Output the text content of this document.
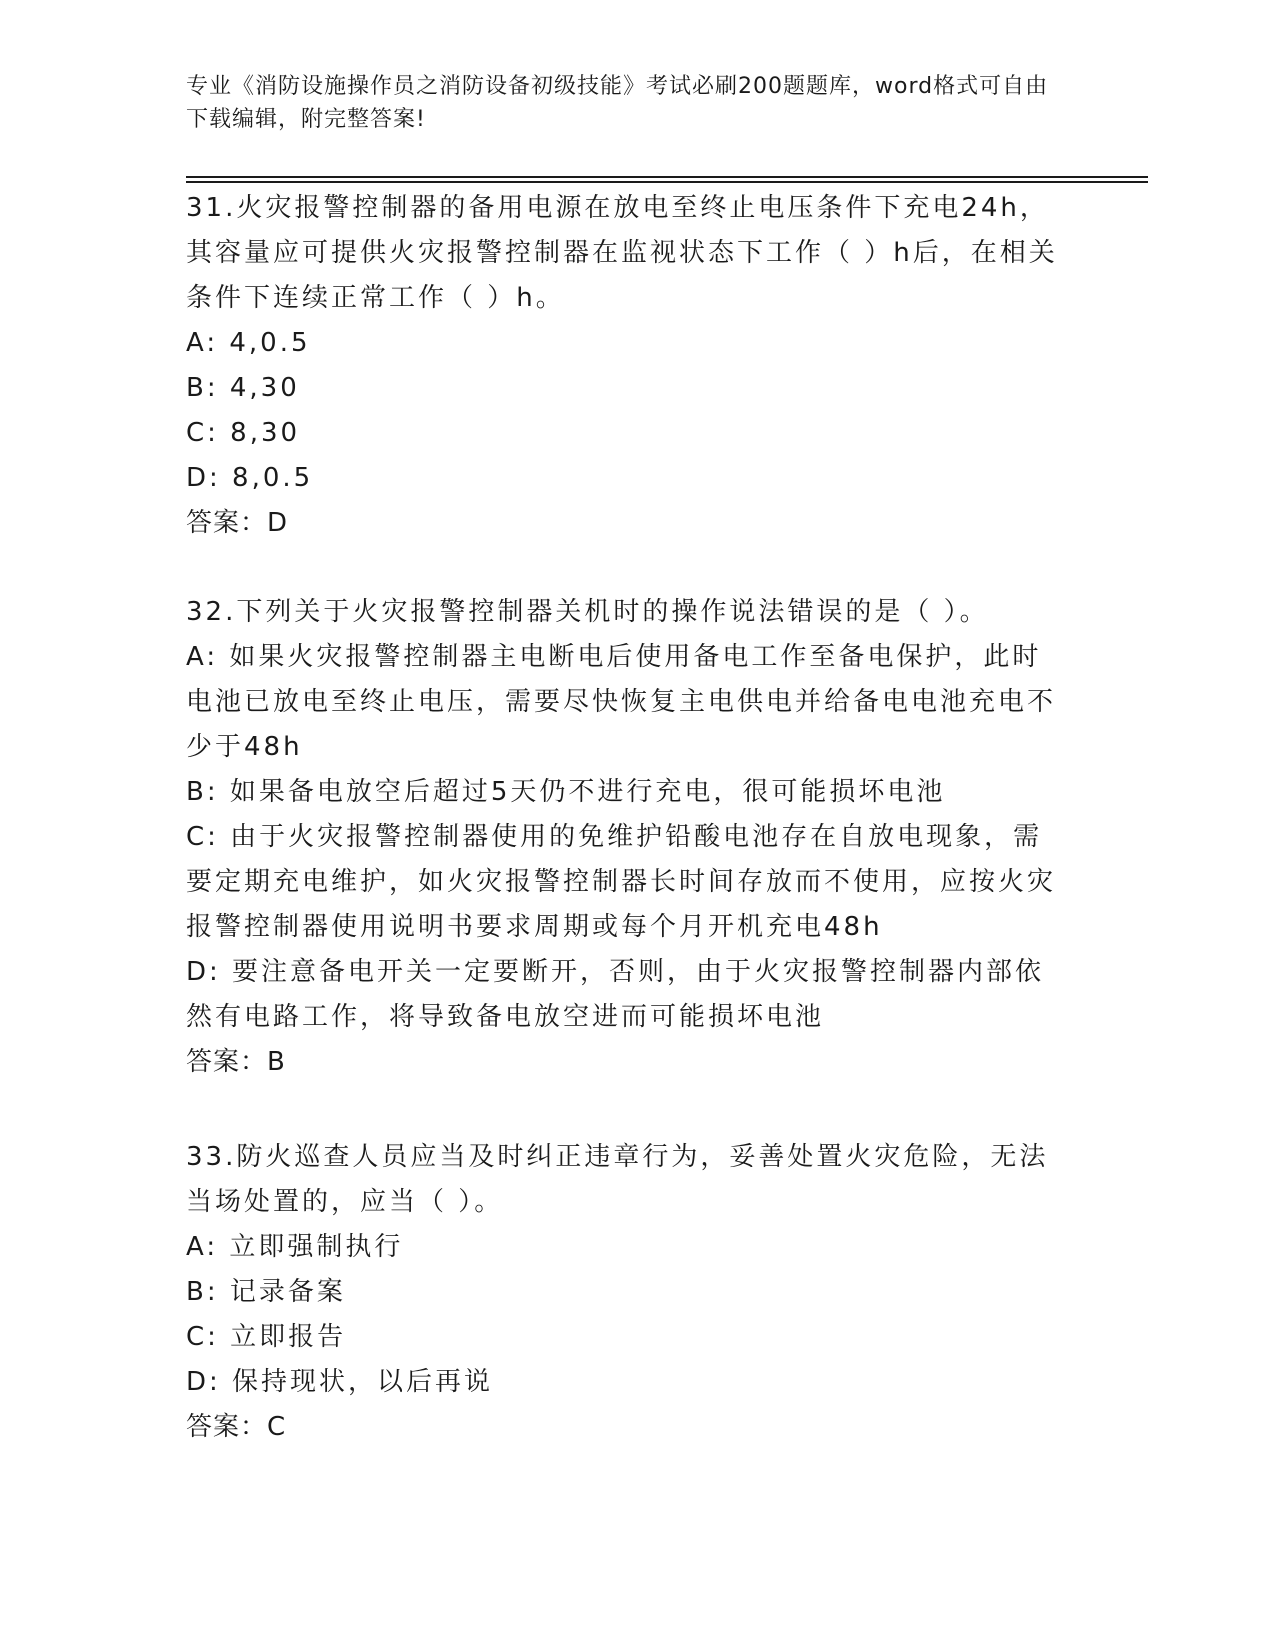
专业《消防设施操作员之消防设备初级技能》考试必刷200题题库，word格式可自由下载编辑，附完整答案!

31.火灾报警控制器的备用电源在放电至终止电压条件下充电24h，其容量应可提供火灾报警控制器在监视状态下工作（ ）h后，在相关条件下连续正常工作（ ）h。

A: 4,0.5

B: 4,30

C: 8,30

D: 8,0.5

答案：D

32.下列关于火灾报警控制器关机时的操作说法错误的是（ ）。

A: 如果火灾报警控制器主电断电后使用备电工作至备电保护，此时电池已放电至终止电压，需要尽快恢复主电供电并给备电电池充电不少于48h

B: 如果备电放空后超过5天仍不进行充电，很可能损坏电池

C: 由于火灾报警控制器使用的免维护铅酸电池存在自放电现象，需要定期充电维护，如火灾报警控制器长时间存放而不使用，应按火灾报警控制器使用说明书要求周期或每个月开机充电48h

D: 要注意备电开关一定要断开，否则，由于火灾报警控制器内部依然有电路工作，将导致备电放空进而可能损坏电池

答案：B

33.防火巡查人员应当及时纠正违章行为，妥善处置火灾危险，无法当场处置的，应当（ ）。

A: 立即强制执行

B: 记录备案

C: 立即报告

D: 保持现状，以后再说

答案：C
